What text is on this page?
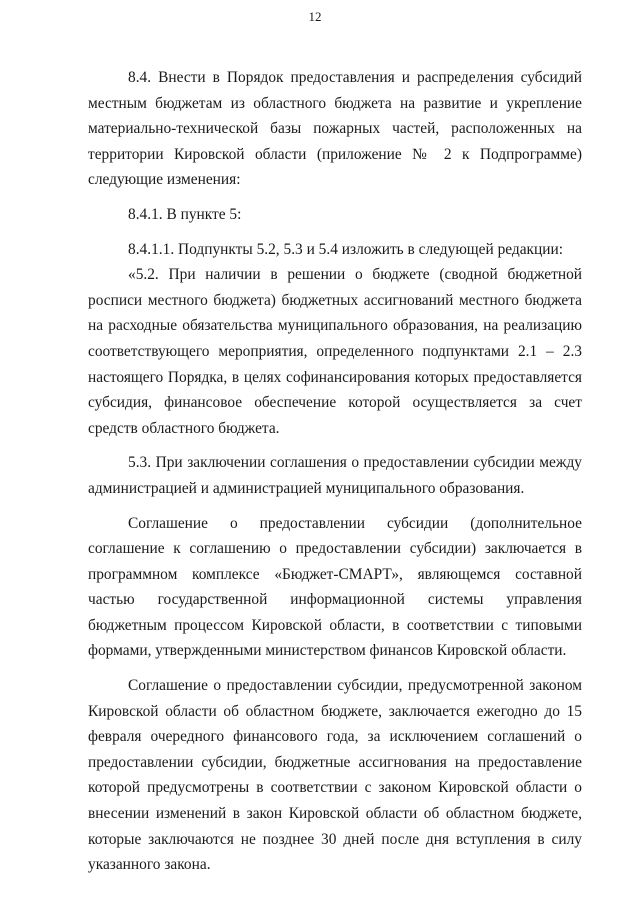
12

8.4. Внести в Порядок предоставления и распределения субсидий местным бюджетам из областного бюджета на развитие и укрепление материально-технической базы пожарных частей, расположенных на территории Кировской области (приложение № 2 к Подпрограмме) следующие изменения:

8.4.1. В пункте 5:

8.4.1.1. Подпункты 5.2, 5.3 и 5.4 изложить в следующей редакции:

«5.2. При наличии в решении о бюджете (сводной бюджетной росписи местного бюджета) бюджетных ассигнований местного бюджета на расходные обязательства муниципального образования, на реализацию соответствующего мероприятия, определенного подпунктами 2.1 – 2.3 настоящего Порядка, в целях софинансирования которых предоставляется субсидия, финансовое обеспечение которой осуществляется за счет средств областного бюджета.

5.3. При заключении соглашения о предоставлении субсидии между администрацией и администрацией муниципального образования.

Соглашение о предоставлении субсидии (дополнительное соглашение к соглашению о предоставлении субсидии) заключается в программном комплексе «Бюджет-СМАРТ», являющемся составной частью государственной информационной системы управления бюджетным процессом Кировской области, в соответствии с типовыми формами, утвержденными министерством финансов Кировской области.

Соглашение о предоставлении субсидии, предусмотренной законом Кировской области об областном бюджете, заключается ежегодно до 15 февраля очередного финансового года, за исключением соглашений о предоставлении субсидии, бюджетные ассигнования на предоставление которой предусмотрены в соответствии с законом Кировской области о внесении изменений в закон Кировской области об областном бюджете, которые заключаются не позднее 30 дней после дня вступления в силу указанного закона.
